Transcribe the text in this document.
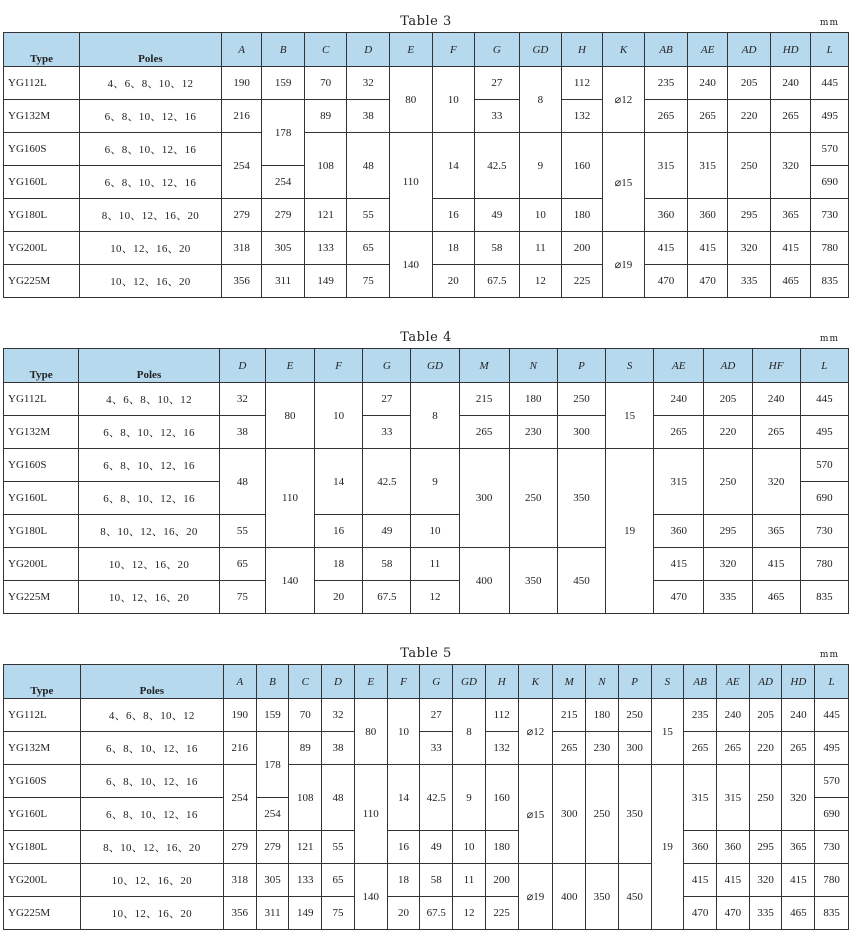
Table 3	mm
Type	Poles	A	B	C	D	E	F	G	GD	H	K	AB	AE	AD	HD	L
YG112L	4、6、8、10、12	190	159	70	32	80	10	27	8	112	⌀12	235	240	205	240	445
YG132M	6、8、10、12、16	216	178	89	38			33		132		265	265	220	265	495
YG160S	6、8、10、12、16	254		108	48	110	14	42.5	9	160	⌀15	315	315	250	320	570
YG160L	6、8、10、12、16		254													690
YG180L	8、10、12、16、20	279	279	121	55		16	49	10	180		360	360	295	365	730
YG200L	10、12、16、20	318	305	133	65	140	18	58	11	200	⌀19	415	415	320	415	780
YG225M	10、12、16、20	356	311	149	75		20	67.5	12	225		470	470	335	465	835
Table 4	mm
Type	Poles	D	E	F	G	GD	M	N	P	S	AE	AD	HF	L
YG112L	4、6、8、10、12	32	80	10	27	8	215	180	250	15	240	205	240	445
YG132M	6、8、10、12、16	38			33		265	230	300		265	220	265	495
YG160S	6、8、10、12、16	48	110	14	42.5	9	300	250	350	19	315	250	320	570
YG160L	6、8、10、12、16													690
YG180L	8、10、12、16、20	55		16	49	10					360	295	365	730
YG200L	10、12、16、20	65	140	18	58	11	400	350	450		415	320	415	780
YG225M	10、12、16、20	75		20	67.5	12					470	335	465	835
Table 5	mm
Type	Poles	A	B	C	D	E	F	G	GD	H	K	M	N	P	S	AB	AE	AD	HD	L
YG112L	4、6、8、10、12	190	159	70	32	80	10	27	8	112	⌀12	215	180	250	15	235	240	205	240	445
YG132M	6、8、10、12、16	216	178	89	38			33		132		265	230	300		265	265	220	265	495
YG160S	6、8、10、12、16	254		108	48	110	14	42.5	9	160	⌀15	300	250	350	19	315	315	250	320	570
YG160L	6、8、10、12、16		254																	690
YG180L	8、10、12、16、20	279	279	121	55		16	49	10	180						360	360	295	365	730
YG200L	10、12、16、20	318	305	133	65	140	18	58	11	200	⌀19	400	350	450		415	415	320	415	780
YG225M	10、12、16、20	356	311	149	75		20	67.5	12	225						470	470	335	465	835
